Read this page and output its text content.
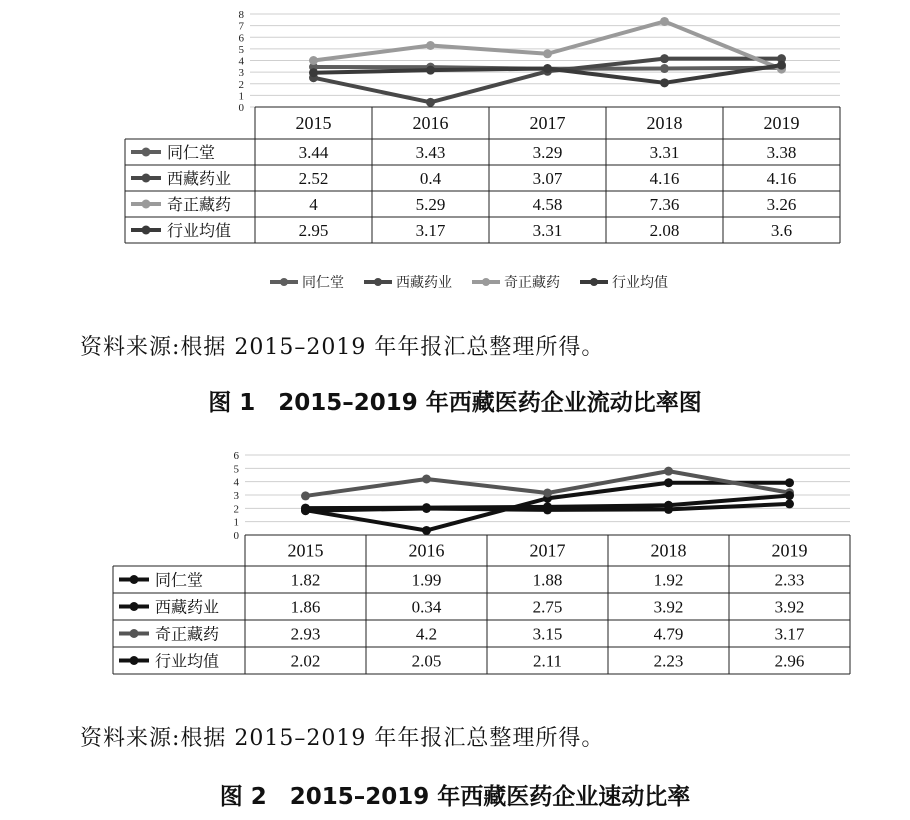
0
1
2
3
4
5
6
7
8
2015	2016	2017	2018	2019
同仁堂	3.44	3.43	3.29	3.31	3.38
西藏药业	2.52	0.4	3.07	4.16	4.16
奇正藏药	4	5.29	4.58	7.36	3.26
行业均值	2.95	3.17	3.31	2.08	3.6
同仁堂	西藏药业	奇正藏药	行业均值
资料来源:根据 2015–2019 年年报汇总整理所得。
图 1　2015–2019 年西藏医药企业流动比率图
0
1
2
3
4
5
6
2015	2016	2017	2018	2019
同仁堂	1.82	1.99	1.88	1.92	2.33
西藏药业	1.86	0.34	2.75	3.92	3.92
奇正藏药	2.93	4.2	3.15	4.79	3.17
行业均值	2.02	2.05	2.11	2.23	2.96
资料来源:根据 2015–2019 年年报汇总整理所得。
图 2　2015–2019 年西藏医药企业速动比率
